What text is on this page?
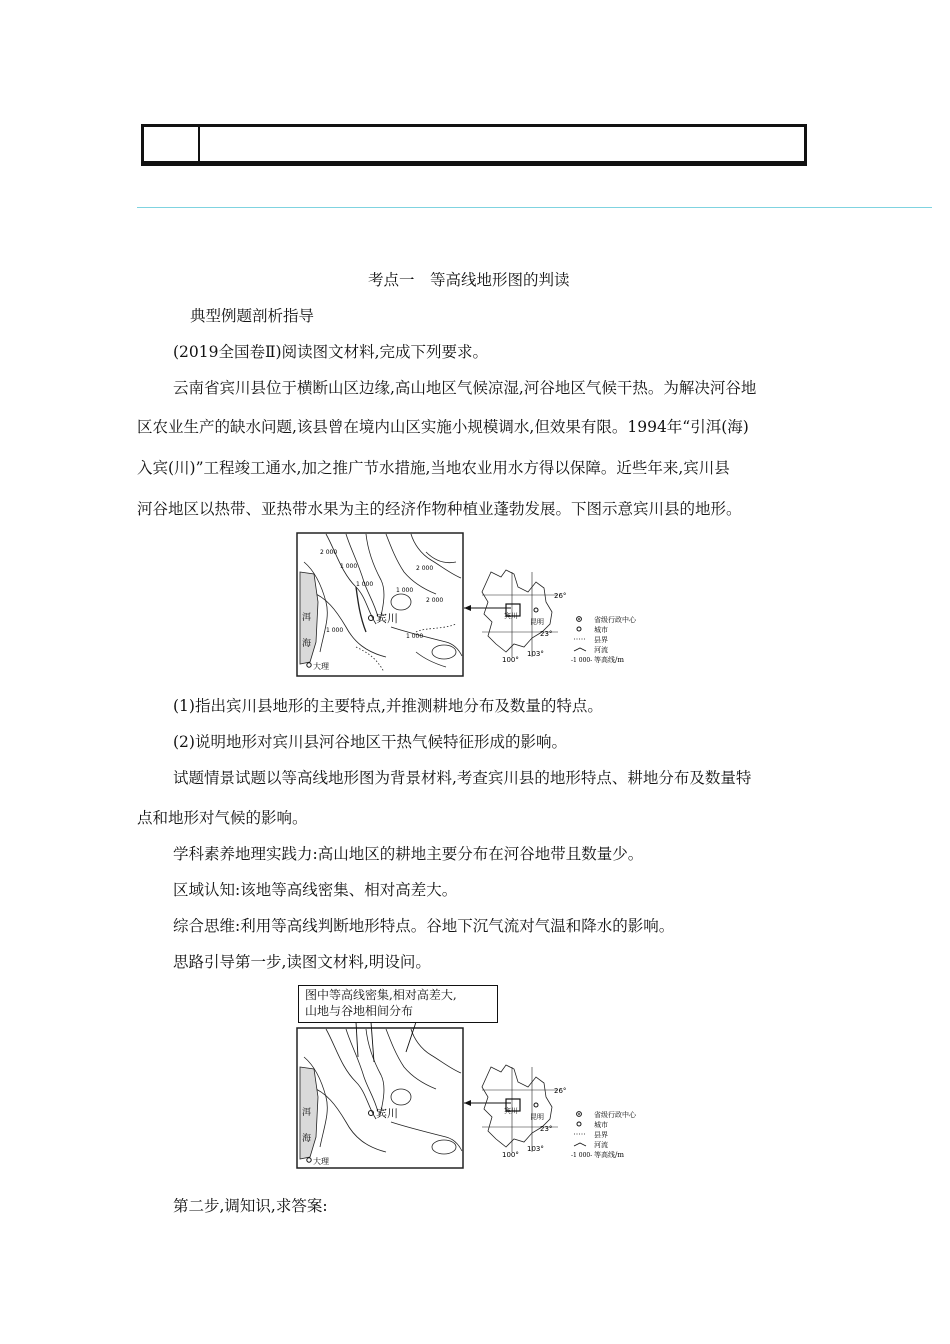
考点一　等高线地形图的判读
典型例题剖析指导
(2019全国卷Ⅱ)阅读图文材料,完成下列要求。
云南省宾川县位于横断山区边缘,高山地区气候凉湿,河谷地区气候干热。为解决河谷地
区农业生产的缺水问题,该县曾在境内山区实施小规模调水,但效果有限。1994年“引洱(海)
入宾(川)”工程竣工通水,加之推广节水措施,当地农业用水方得以保障。近些年来,宾川县
河谷地区以热带、亚热带水果为主的经济作物种植业蓬勃发展。下图示意宾川县的地形。
洱
海
宾川
大理
2 000
1 000
1 000
1 000
2 000
1 000
2 000
1 000
宾川
昆明
26°
23°
100°
103°
省级行政中心
城市
县界
河流
-1 000- 等高线/m
(1)指出宾川县地形的主要特点,并推测耕地分布及数量的特点。
(2)说明地形对宾川县河谷地区干热气候特征形成的影响。
试题情景试题以等高线地形图为背景材料,考查宾川县的地形特点、耕地分布及数量特
点和地形对气候的影响。
学科素养地理实践力:高山地区的耕地主要分布在河谷地带且数量少。
区域认知:该地等高线密集、相对高差大。
综合思维:利用等高线判断地形特点。谷地下沉气流对气温和降水的影响。
思路引导第一步,读图文材料,明设问。
图中等高线密集,相对高差大,
山地与谷地相间分布
洱
海
宾川
大理
宾川
昆明
26°
23°
100°
103°
省级行政中心
城市
县界
河流
-1 000- 等高线/m
第二步,调知识,求答案:
